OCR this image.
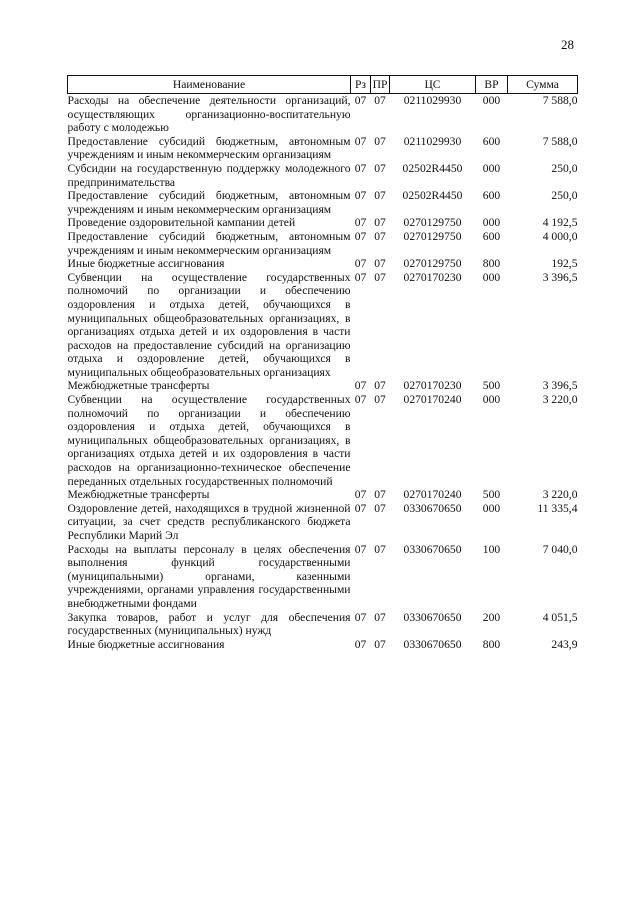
28
Наименование	Рз	ПР	ЦС	ВР	Сумма
Расходы на обеспечение деятельности организаций, осуществляющих организационно-воспитательную работу с молодежью	07	07	0211029930	000	7 588,0
Предоставление субсидий бюджетным, автономным учреждениям и иным некоммерческим организациям	07	07	0211029930	600	7 588,0
Субсидии на государственную поддержку молодежного предпринимательства	07	07	02502R4450	000	250,0
Предоставление субсидий бюджетным, автономным учреждениям и иным некоммерческим организациям	07	07	02502R4450	600	250,0
Проведение оздоровительной кампании детей	07	07	0270129750	000	4 192,5
Предоставление субсидий бюджетным, автономным учреждениям и иным некоммерческим организациям	07	07	0270129750	600	4 000,0
Иные бюджетные ассигнования	07	07	0270129750	800	192,5
Субвенции на осуществление государственных полномочий по организации и обеспечению оздоровления и отдыха детей, обучающихся в муниципальных общеобразовательных организациях, в организациях отдыха детей и их оздоровления в части расходов на предоставление субсидий на организацию отдыха и оздоровление детей, обучающихся в муниципальных общеобразовательных организациях	07	07	0270170230	000	3 396,5
Межбюджетные трансферты	07	07	0270170230	500	3 396,5
Субвенции на осуществление государственных полномочий по организации и обеспечению оздоровления и отдыха детей, обучающихся в муниципальных общеобразовательных организациях, в организациях отдыха детей и их оздоровления в части расходов на организационно-техническое обеспечение переданных отдельных государственных полномочий	07	07	0270170240	000	3 220,0
Межбюджетные трансферты	07	07	0270170240	500	3 220,0
Оздоровление детей, находящихся в трудной жизненной ситуации, за счет средств республиканского бюджета Республики Марий Эл	07	07	0330670650	000	11 335,4
Расходы на выплаты персоналу в целях обеспечения выполнения функций государственными (муниципальными) органами, казенными учреждениями, органами управления государственными внебюджетными фондами	07	07	0330670650	100	7 040,0
Закупка товаров, работ и услуг для обеспечения государственных (муниципальных) нужд	07	07	0330670650	200	4 051,5
Иные бюджетные ассигнования	07	07	0330670650	800	243,9
